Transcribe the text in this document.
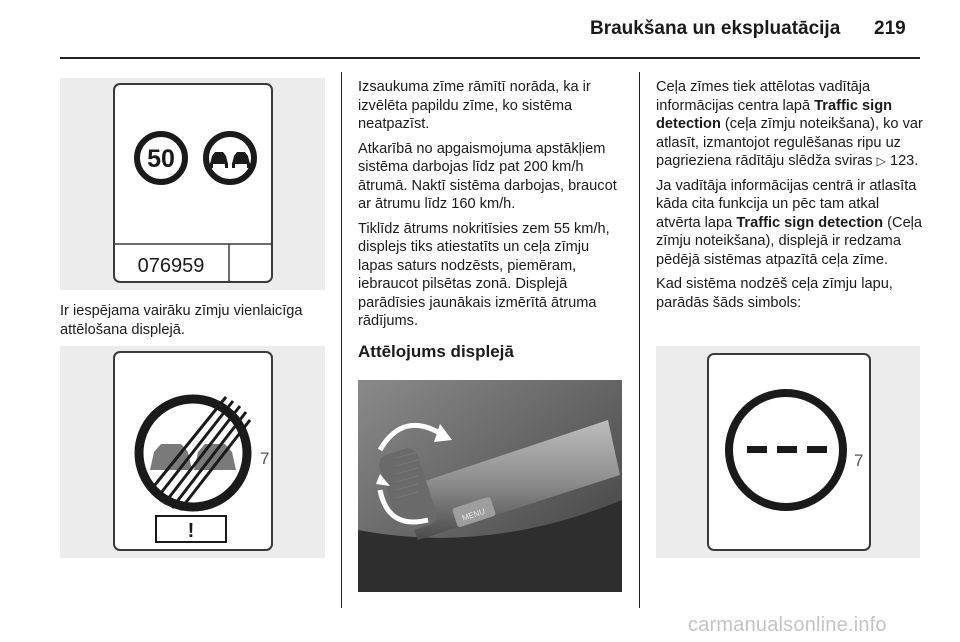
Braukšana un ekspluatācija 219
50
076959

Ir iespējama vairāku zīmju vienlaicīga attēlošana displejā.

!
7

Izsaukuma zīme rāmītī norāda, ka ir izvēlēta papildu zīme, ko sistēma neatpazīst.

Atkarībā no apgaismojuma apstākļiem sistēma darbojas līdz pat 200 km/h ātrumā. Naktī sistēma darbojas, braucot ar ātrumu līdz 160 km/h.

Tiklīdz ātrums nokritīsies zem 55 km/h, displejs tiks atiestatīts un ceļa zīmju lapas saturs nodzēsts, piemēram, iebraucot pilsētas zonā. Displejā parādīsies jaunākais izmērītā ātruma rādījums.

Attēlojums displejā
MENU

Ceļa zīmes tiek attēlotas vadītāja informācijas centra lapā Traffic sign detection (ceļa zīmju noteikšana), ko var atlasīt, izmantojot regulēšanas ripu uz pagrieziena rādītāju slēdža sviras ▷ 123.

Ja vadītāja informācijas centrā ir atlasīta kāda cita funkcija un pēc tam atkal atvērta lapa Traffic sign detection (Ceļa zīmju noteikšana), displejā ir redzama pēdējā sistēmas atpazītā ceļa zīme.

Kad sistēma nodzēš ceļa zīmju lapu, parādās šāds simbols:

7
carmanualsonline.info
